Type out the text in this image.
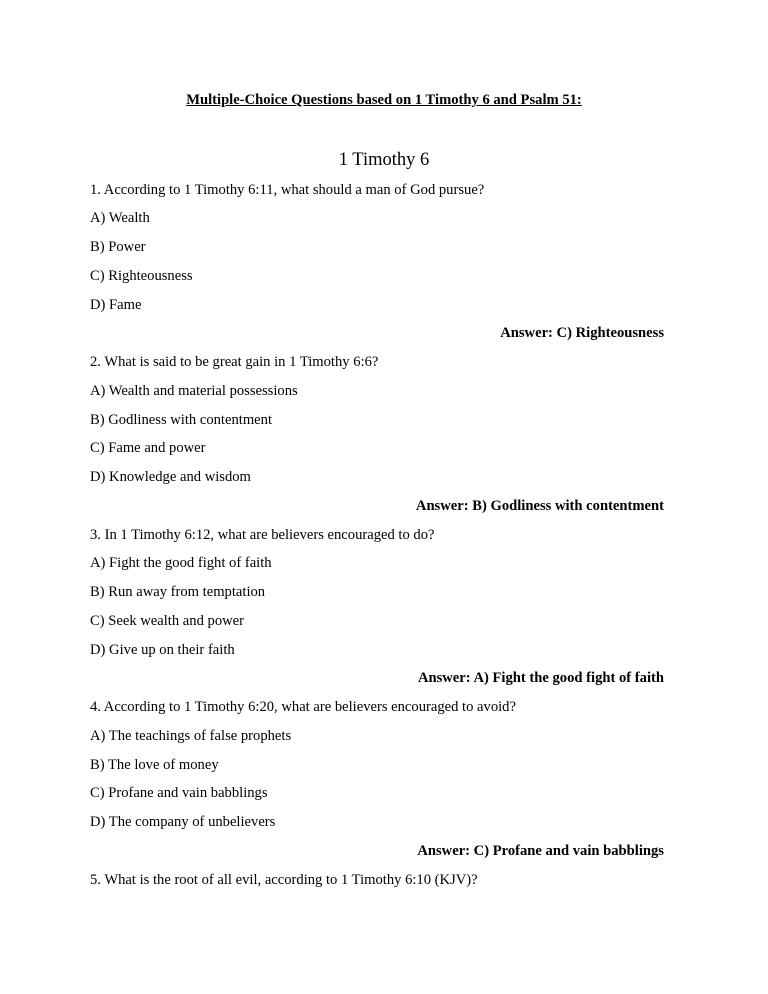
Multiple-Choice Questions based on 1 Timothy 6 and Psalm 51:
1 Timothy 6
1. According to 1 Timothy 6:11, what should a man of God pursue?
A) Wealth
B) Power
C) Righteousness
D) Fame
Answer: C) Righteousness
2. What is said to be great gain in 1 Timothy 6:6?
A) Wealth and material possessions
B) Godliness with contentment
C) Fame and power
D) Knowledge and wisdom
Answer: B) Godliness with contentment
3. In 1 Timothy 6:12, what are believers encouraged to do?
A) Fight the good fight of faith
B) Run away from temptation
C) Seek wealth and power
D) Give up on their faith
Answer: A) Fight the good fight of faith
4. According to 1 Timothy 6:20, what are believers encouraged to avoid?
A) The teachings of false prophets
B) The love of money
C) Profane and vain babblings
D) The company of unbelievers
Answer: C) Profane and vain babblings
5. What is the root of all evil, according to 1 Timothy 6:10 (KJV)?
